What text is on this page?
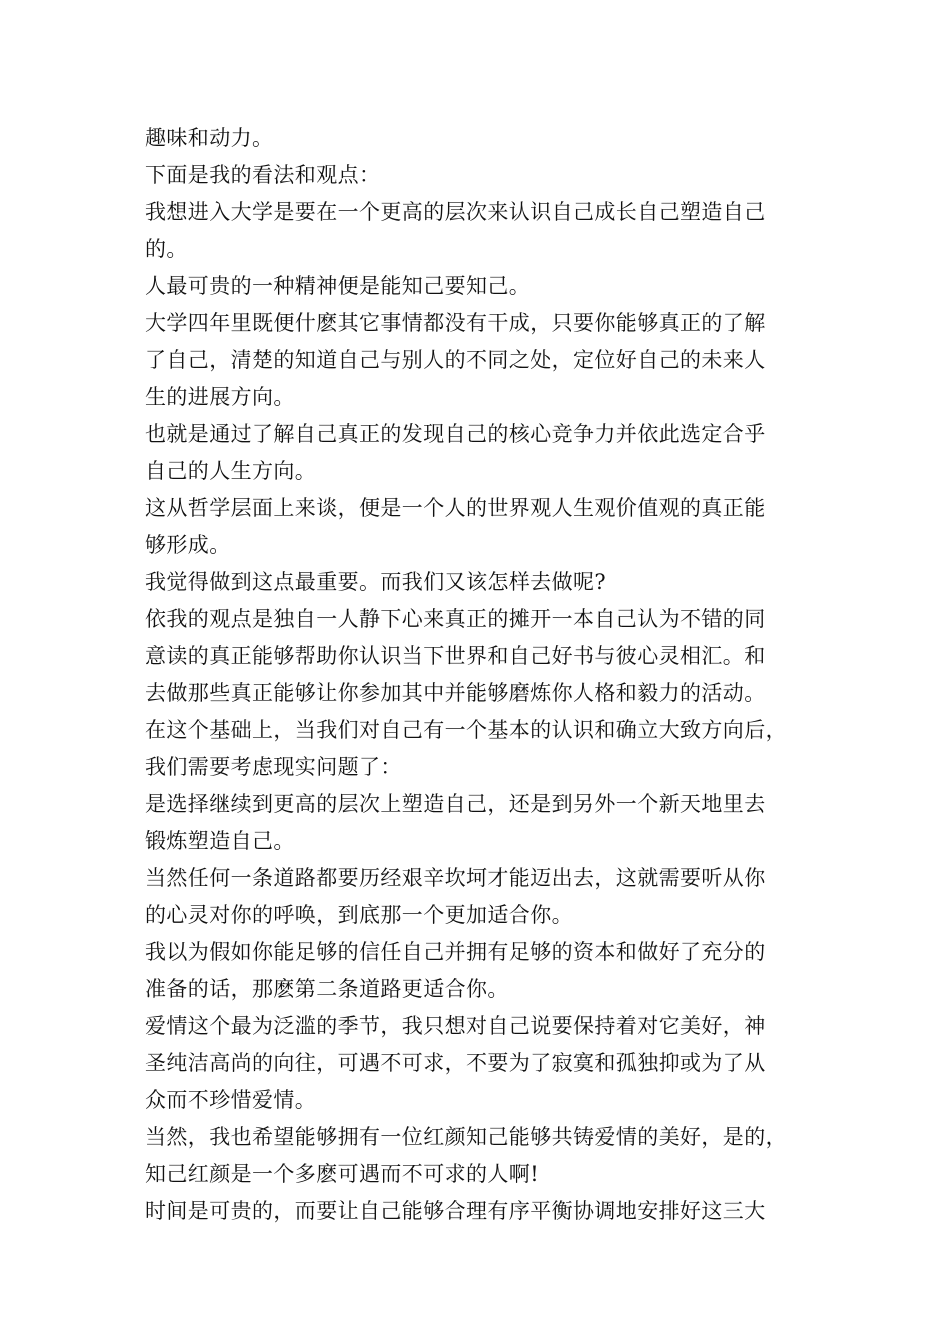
趣味和动力。
下面是我的看法和观点：
我想进入大学是要在一个更高的层次来认识自己成长自己塑造自己
的。
人最可贵的一种精神便是能知己要知己。
大学四年里既便什麽其它事情都没有干成，只要你能够真正的了解
了自己，清楚的知道自己与别人的不同之处，定位好自己的未来人
生的进展方向。
也就是通过了解自己真正的发现自己的核心竞争力并依此选定合乎
自己的人生方向。
这从哲学层面上来谈，便是一个人的世界观人生观价值观的真正能
够形成。
我觉得做到这点最重要。而我们又该怎样去做呢?
依我的观点是独自一人静下心来真正的摊开一本自己认为不错的同
意读的真正能够帮助你认识当下世界和自己好书与彼心灵相汇。和
去做那些真正能够让你参加其中并能够磨炼你人格和毅力的活动。
在这个基础上，当我们对自己有一个基本的认识和确立大致方向后，
我们需要考虑现实问题了：
是选择继续到更高的层次上塑造自己，还是到另外一个新天地里去
锻炼塑造自己。
当然任何一条道路都要历经艰辛坎坷才能迈出去，这就需要听从你
的心灵对你的呼唤，到底那一个更加适合你。
我以为假如你能足够的信任自己并拥有足够的资本和做好了充分的
准备的话，那麽第二条道路更适合你。
爱情这个最为泛滥的季节，我只想对自己说要保持着对它美好，神
圣纯洁高尚的向往，可遇不可求，不要为了寂寞和孤独抑或为了从
众而不珍惜爱情。
当然，我也希望能够拥有一位红颜知己能够共铸爱情的美好，是的，
知己红颜是一个多麽可遇而不可求的人啊!
时间是可贵的，而要让自己能够合理有序平衡协调地安排好这三大
